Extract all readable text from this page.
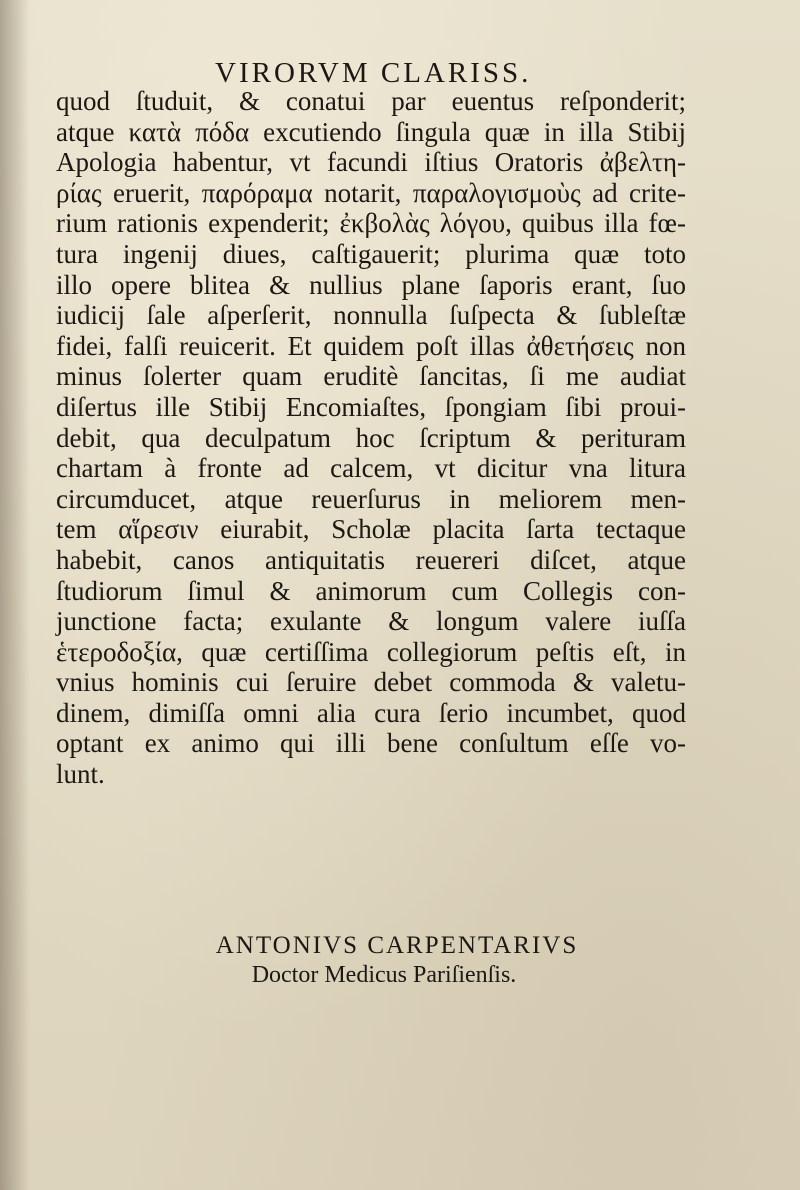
VIRORVM CLARISS.
quod ſtuduit, & conatui par euentus reſponderit;
atque κατὰ πόδα excutiendo ſingula quæ in illa Stibij
Apologia habentur, vt facundi iſtius Oratoris ἀβελτη-
ρίας eruerit, παρόραμα notarit, παραλογισμοὺς ad crite-
rium rationis expenderit; ἐκβολὰς λόγου, quibus illa fœ-
tura ingenij diues, caſtigauerit; plurima quæ toto
illo opere blitea & nullius plane ſaporis erant, ſuo
iudicij ſale aſperſerit, nonnulla ſuſpecta & ſubleſtæ
fidei, falſi reuicerit. Et quidem poſt illas ἀθετήσεις non
minus ſolerter quam eruditè ſancitas, ſi me audiat
diſertus ille Stibij Encomiaſtes, ſpongiam ſibi proui-
debit, qua deculpatum hoc ſcriptum & perituram
chartam à fronte ad calcem, vt dicitur vna litura
circumducet, atque reuerſurus in meliorem men-
tem αἵρεσιν eiurabit, Scholæ placita ſarta tectaque
habebit, canos antiquitatis reuereri diſcet, atque
ſtudiorum ſimul & animorum cum Collegis con-
junctione facta; exulante & longum valere iuſſa
ἑτεροδοξία, quæ certiſſima collegiorum peſtis eſt, in
vnius hominis cui ſeruire debet commoda & valetu-
dinem, dimiſſa omni alia cura ſerio incumbet, quod
optant ex animo qui illi bene conſultum eſſe vo-
lunt.
ANTONIVS CARPENTARIVS
Doctor Medicus Pariſienſis.
